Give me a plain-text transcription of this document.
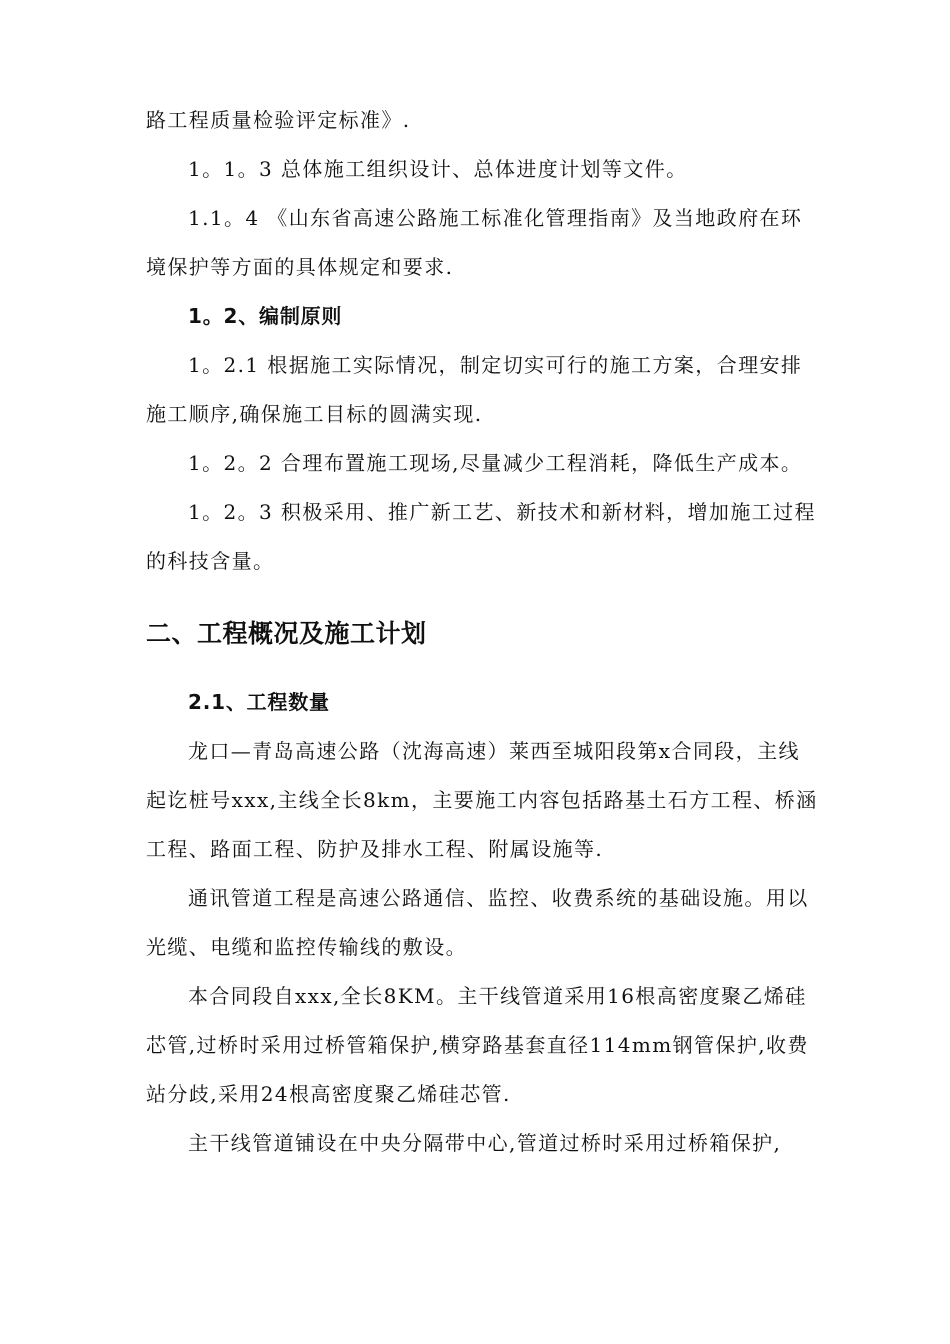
路工程质量检验评定标准》.

1。1。3 总体施工组织设计、总体进度计划等文件。

1.1。4 《山东省高速公路施工标准化管理指南》及当地政府在环境保护等方面的具体规定和要求.

1。2、编制原则

1。2.1 根据施工实际情况，制定切实可行的施工方案，合理安排施工顺序,确保施工目标的圆满实现.

1。2。2 合理布置施工现场,尽量减少工程消耗，降低生产成本。

1。2。3 积极采用、推广新工艺、新技术和新材料，增加施工过程的科技含量。

二、工程概况及施工计划

2.1、工程数量

龙口—青岛高速公路（沈海高速）莱西至城阳段第x合同段，主线起讫桩号xxx,主线全长8km，主要施工内容包括路基土石方工程、桥涵工程、路面工程、防护及排水工程、附属设施等.

通讯管道工程是高速公路通信、监控、收费系统的基础设施。用以光缆、电缆和监控传输线的敷设。

本合同段自xxx,全长8KM。主干线管道采用16根高密度聚乙烯硅芯管,过桥时采用过桥管箱保护,横穿路基套直径114mm钢管保护,收费站分歧,采用24根高密度聚乙烯硅芯管.

主干线管道铺设在中央分隔带中心,管道过桥时采用过桥箱保护,
